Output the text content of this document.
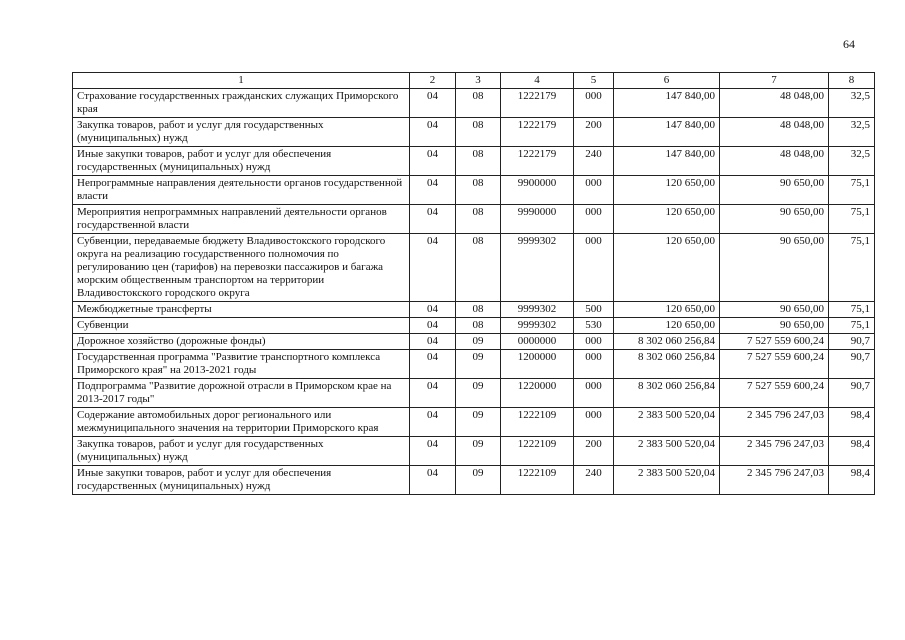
64
1	2	3	4	5	6	7	8
Страхование государственных гражданских служащих Приморского края	04	08	1222179	000	147 840,00	48 048,00	32,5
Закупка товаров, работ и услуг для государственных (муниципальных) нужд	04	08	1222179	200	147 840,00	48 048,00	32,5
Иные закупки товаров, работ и услуг для обеспечения государственных (муниципальных) нужд	04	08	1222179	240	147 840,00	48 048,00	32,5
Непрограммные направления деятельности органов государственной власти	04	08	9900000	000	120 650,00	90 650,00	75,1
Мероприятия непрограммных направлений деятельности органов государственной власти	04	08	9990000	000	120 650,00	90 650,00	75,1
Субвенции, передаваемые бюджету Владивостокского городского округа на реализацию государственного полномочия по регулированию цен (тарифов) на перевозки пассажиров и багажа морским общественным транспортом на территории Владивостокского городского округа	04	08	9999302	000	120 650,00	90 650,00	75,1
Межбюджетные трансферты	04	08	9999302	500	120 650,00	90 650,00	75,1
Субвенции	04	08	9999302	530	120 650,00	90 650,00	75,1
Дорожное хозяйство (дорожные фонды)	04	09	0000000	000	8 302 060 256,84	7 527 559 600,24	90,7
Государственная программа "Развитие транспортного комплекса Приморского края" на 2013-2021 годы	04	09	1200000	000	8 302 060 256,84	7 527 559 600,24	90,7
Подпрограмма "Развитие дорожной отрасли в Приморском крае на 2013-2017 годы"	04	09	1220000	000	8 302 060 256,84	7 527 559 600,24	90,7
Содержание автомобильных дорог регионального или межмуниципального значения на территории Приморского края	04	09	1222109	000	2 383 500 520,04	2 345 796 247,03	98,4
Закупка товаров, работ и услуг для государственных (муниципальных) нужд	04	09	1222109	200	2 383 500 520,04	2 345 796 247,03	98,4
Иные закупки товаров, работ и услуг для обеспечения государственных (муниципальных) нужд	04	09	1222109	240	2 383 500 520,04	2 345 796 247,03	98,4
